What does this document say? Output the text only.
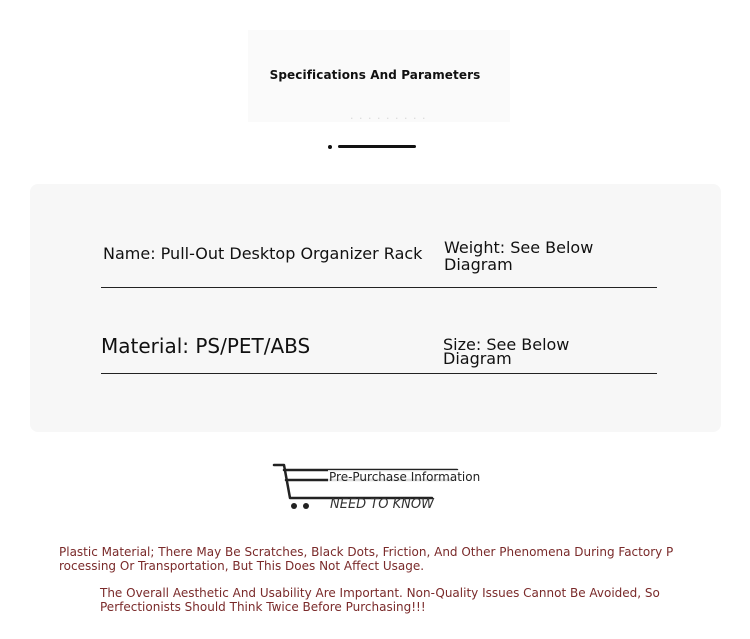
Specifications And Parameters
· · · · · · · · ·
Name: Pull-Out Desktop Organizer Rack Weight: See Below Diagram
Material: PS/PET/ABS	Size: See Below Diagram
NEED TO KNOW
Pre-Purchase Information
Plastic Material; There May Be Scratches, Black Dots, Friction, And Other Phenomena During Factory Processing Or Transportation, But This Does Not Affect Usage.
The Overall Aesthetic And Usability Are Important. Non-Quality Issues Cannot Be Avoided, So Perfectionists Should Think Twice Before Purchasing!!!
